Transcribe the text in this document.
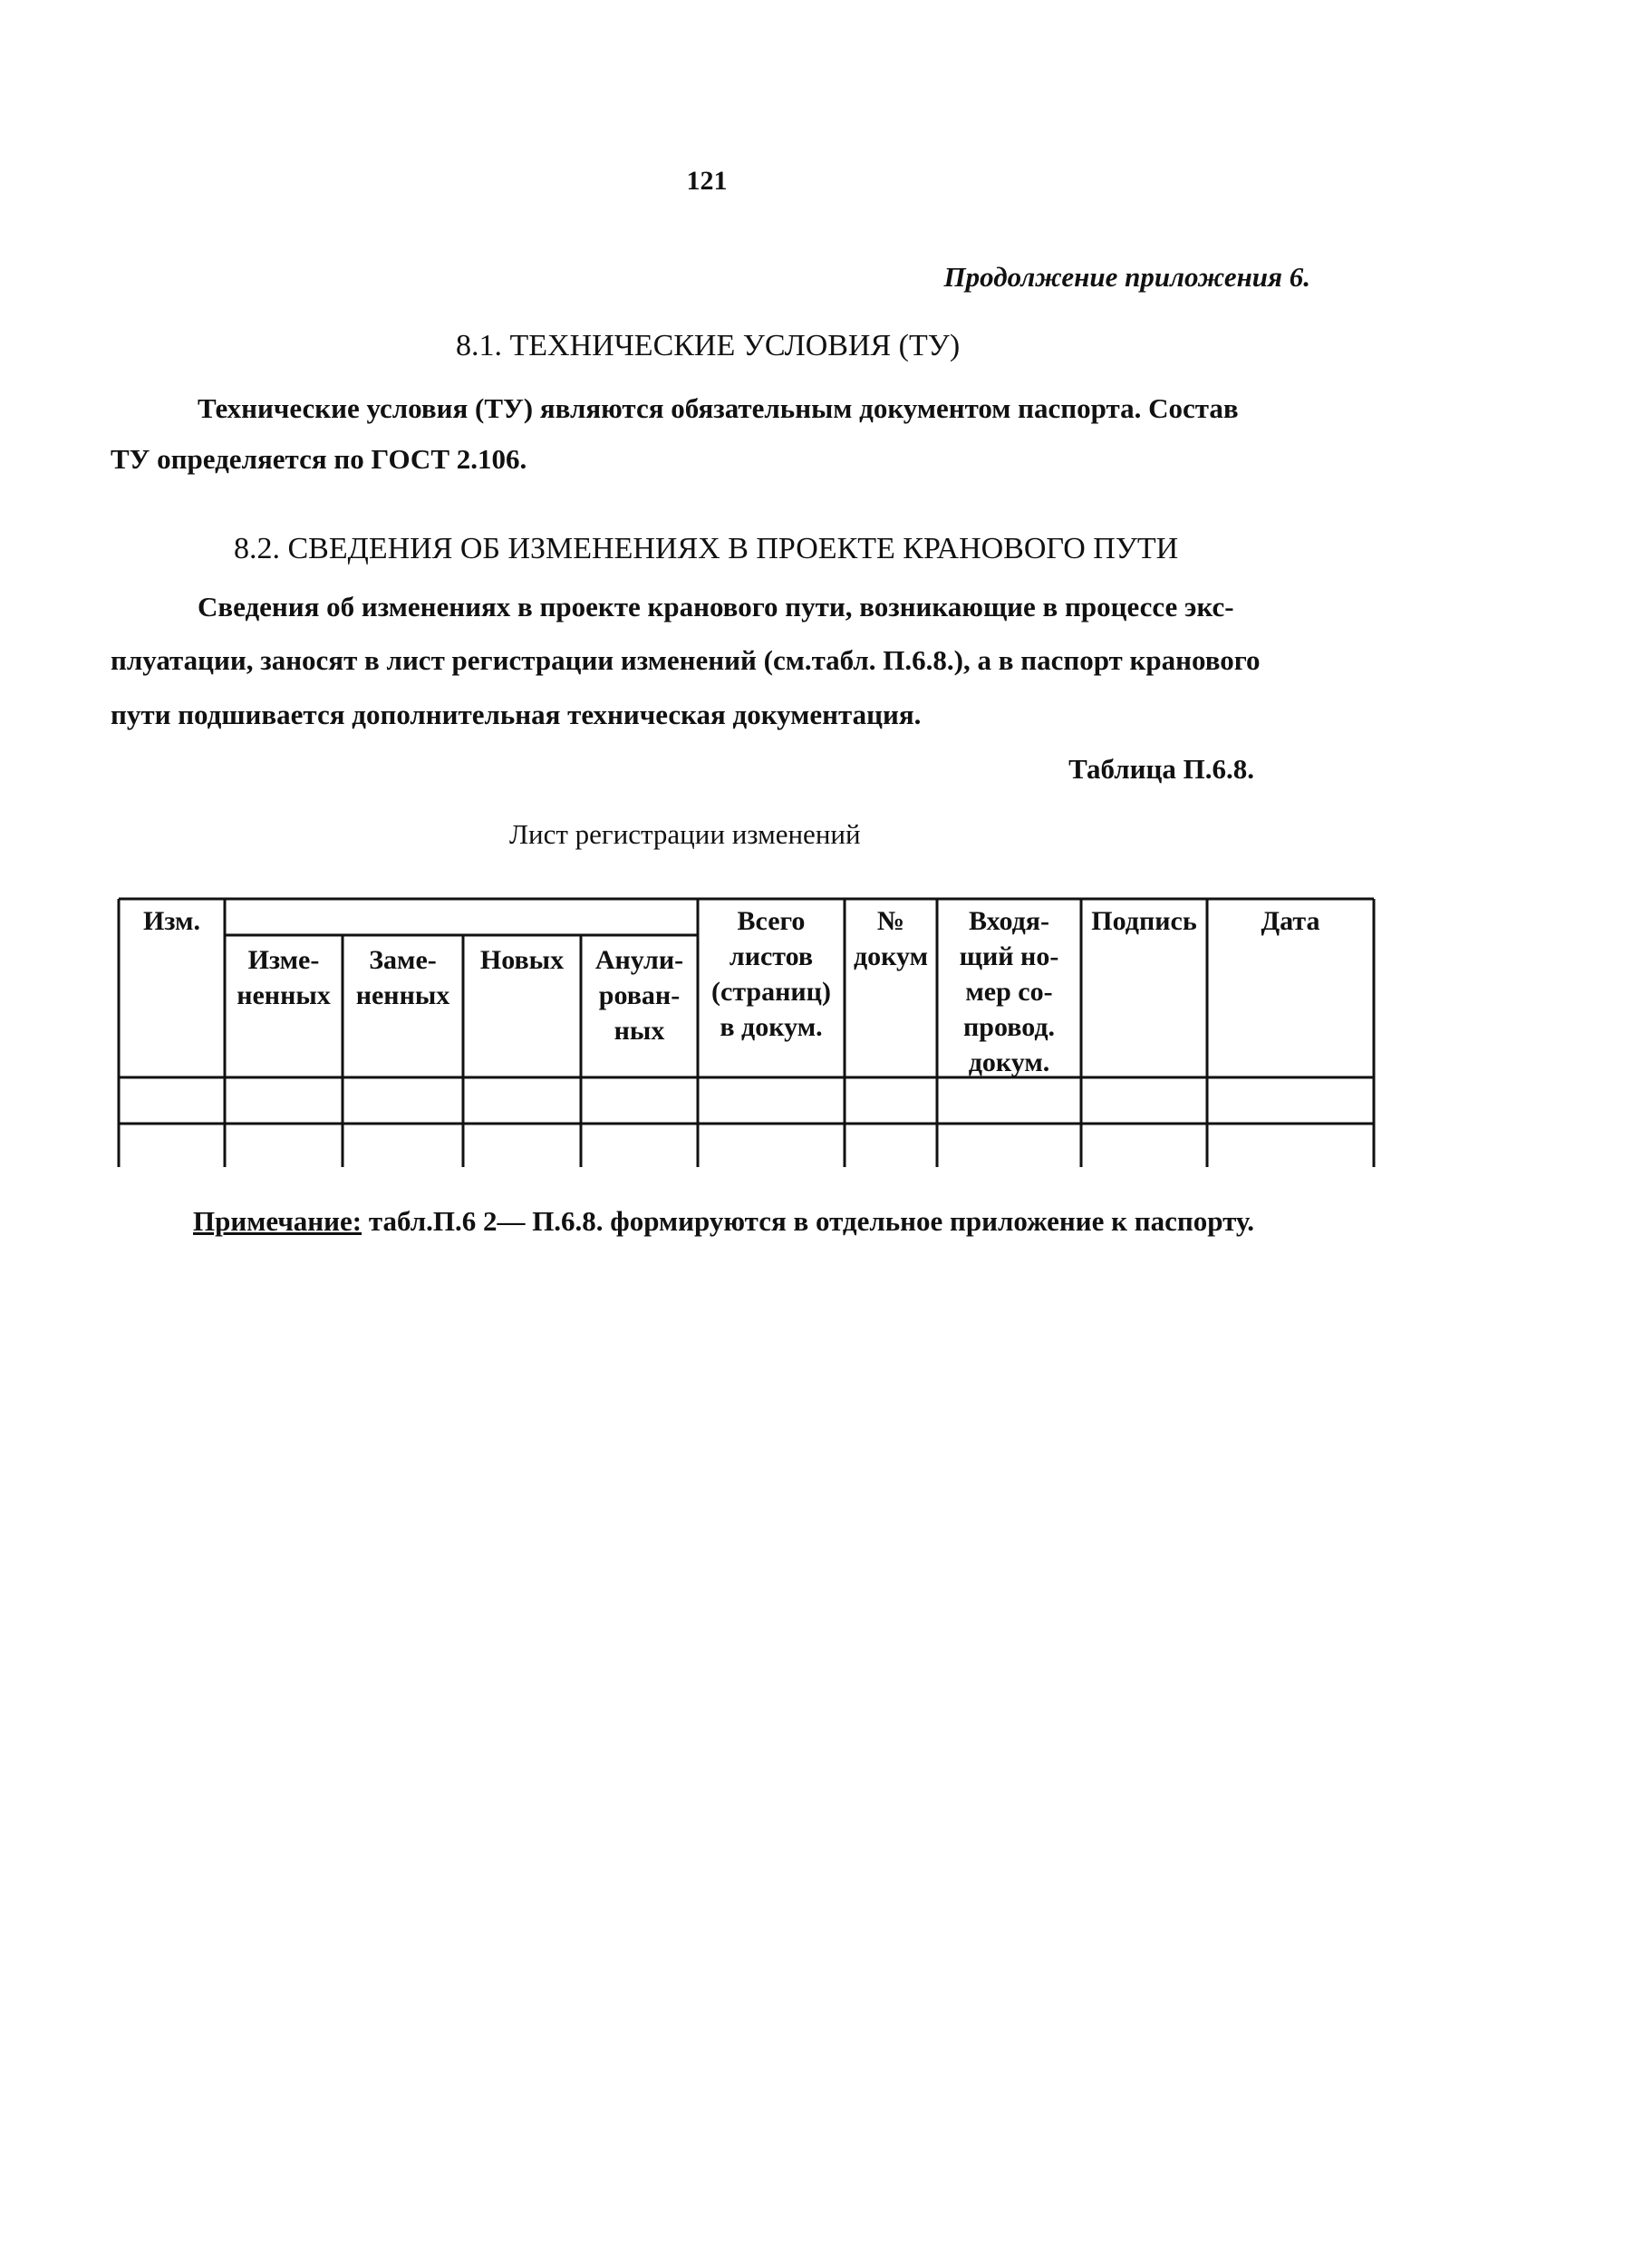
121
Продолжение приложения 6.
8.1. ТЕХНИЧЕСКИЕ УСЛОВИЯ (ТУ)
Технические условия (ТУ) являются обязательным документом паспорта. Состав
ТУ определяется по ГОСТ 2.106.
8.2. СВЕДЕНИЯ ОБ ИЗМЕНЕНИЯХ В ПРОЕКТЕ КРАНОВОГО ПУТИ
Сведения об изменениях в проекте кранового пути, возникающие в процессе экс-
плуатации, заносят в лист регистрации изменений (см.табл. П.6.8.), а в паспорт кранового
пути подшивается дополнительная техническая документация.
Таблица П.6.8.
Лист регистрации изменений
Изм.
Изме-
ненных
Заме-
ненных
Новых	Анули-
рован-
ных
Всего
листов
(страниц)
в докум.
№
докум
Входя-
щий но-
мер со-
провод.
докум.
Подпись	Дата
Примечание: табл.П.6 2— П.6.8. формируются в отдельное приложение к паспорту.
